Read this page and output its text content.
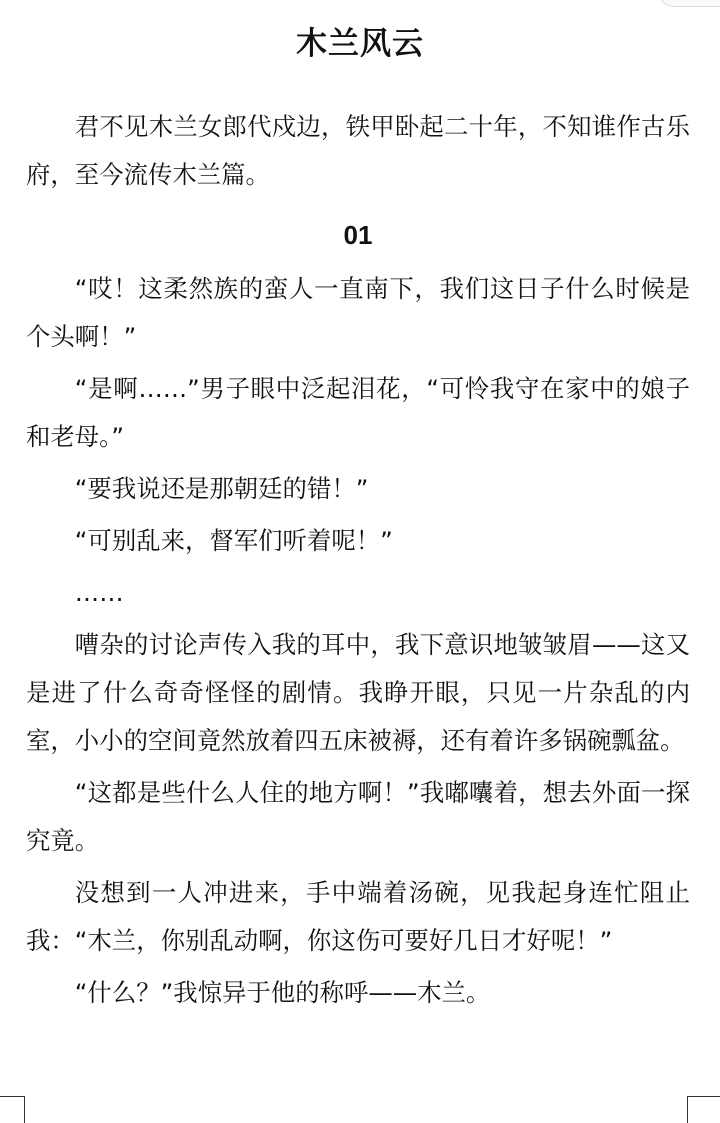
木兰风云

君不见木兰女郎代戍边，铁甲卧起二十年，不知谁作古乐府，至今流传木兰篇。

01

“哎！这柔然族的蛮人一直南下，我们这日子什么时候是个头啊！”

“是啊……”男子眼中泛起泪花，“可怜我守在家中的娘子和老母。”

“要我说还是那朝廷的错！”

“可别乱来，督军们听着呢！”

……

嘈杂的讨论声传入我的耳中，我下意识地皱皱眉——这又是进了什么奇奇怪怪的剧情。我睁开眼，只见一片杂乱的内室，小小的空间竟然放着四五床被褥，还有着许多锅碗瓢盆。

“这都是些什么人住的地方啊！”我嘟囔着，想去外面一探究竟。

没想到一人冲进来，手中端着汤碗，见我起身连忙阻止我：“木兰，你别乱动啊，你这伤可要好几日才好呢！”

“什么？”我惊异于他的称呼——木兰。
